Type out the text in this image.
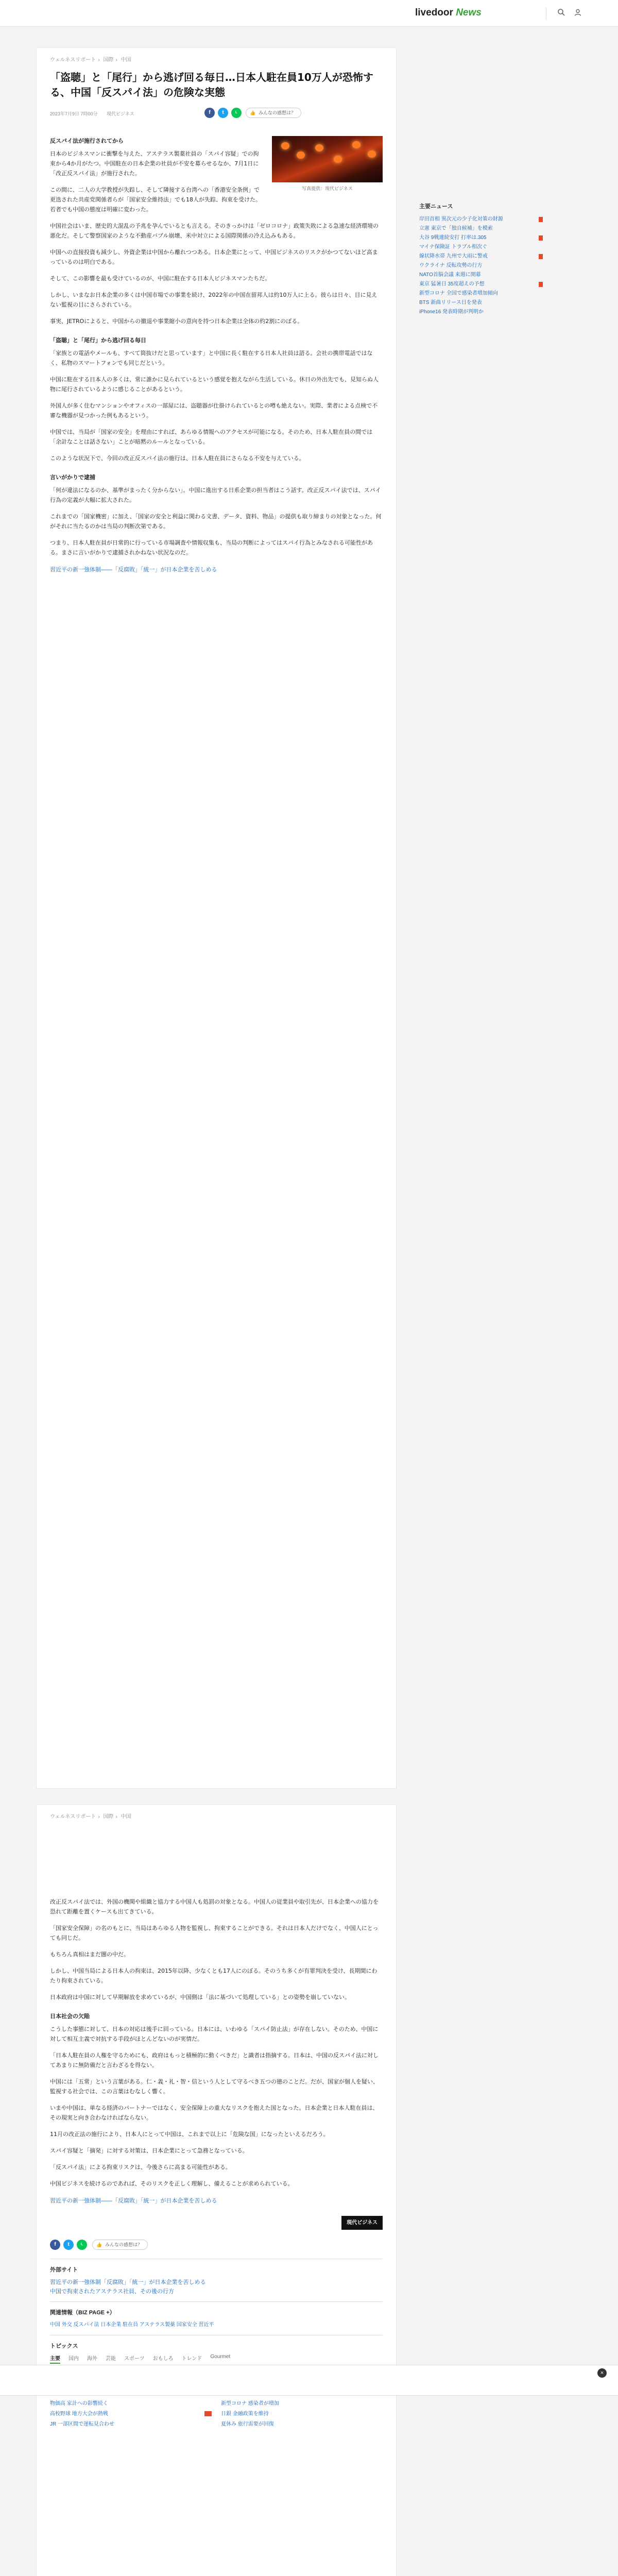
livedoor News
ウェルネスリポート › 国際 › 中国
「盗聴」と「尾行」から逃げ回る毎日…日本人駐在員10万人が恐怖する、中国「反スパイ法」の危険な実態
2023年7月9日 7時00分 現代ビジネス	f	t	L	👍 みんなの感想は？
写真提供：現代ビジネス
反スパイ法が施行されてから

日本のビジネスマンに衝撃を与えた、アステラス製薬社員の「スパイ容疑」での拘束から4か月がたつ。中国駐在の日本企業の社員が不安を募らせるなか、7月1日に「改正反スパイ法」が施行された。

この間に、二人の大学教授が失踪し、そして隣接する台湾への「香港安全条例」で更迭された共産党関係者らが「国家安全維持法」でも18人が失踪、拘束を受けた。若者でも中国の態度は明確に変わった。

中国社会はいま、歴史的大混乱の予兆を孕んでいるとも言える。そのきっかけは「ゼロコロナ」政策失敗による急速な経済環境の悪化だ。そして警察国家のような不動産バブル崩壊、米中対立による国際関係の冷え込みもある。

中国への直接投資も減少し、外資企業は中国から離れつつある。日本企業にとって、中国ビジネスのリスクがかつてないほど高まっているのは明白である。

そして、この影響を最も受けているのが、中国に駐在する日本人ビジネスマンたちだ。

しかし、いまなお日本企業の多くは中国市場での事業を続け、2022年の中国在留邦人は約10万人に上る。彼らは日々、目に見えない監視の目にさらされている。

事実、JETROによると、中国からの撤退や事業縮小の意向を持つ日本企業は全体の約2割にのぼる。

「盗聴」と「尾行」から逃げ回る毎日

「家族との電話やメールも、すべて筒抜けだと思っています」と中国に長く駐在する日本人社員は語る。会社の携帯電話ではなく、私物のスマートフォンでも同じだという。

中国に駐在する日本人の多くは、常に誰かに見られているという感覚を抱えながら生活している。休日の外出先でも、見知らぬ人物に尾行されているように感じることがあるという。

外国人が多く住むマンションやオフィスの一部屋には、盗聴器が仕掛けられているとの噂も絶えない。実際、業者による点検で不審な機器が見つかった例もあるという。

中国では、当局が「国家の安全」を理由にすれば、あらゆる情報へのアクセスが可能になる。そのため、日本人駐在員の間では「余計なことは話さない」ことが暗黙のルールとなっている。

このような状況下で、今回の改正反スパイ法の施行は、日本人駐在員にさらなる不安を与えている。

言いがかりで逮捕

「何が違法になるのか、基準がまったく分からない」。中国に進出する日系企業の担当者はこう話す。改正反スパイ法では、スパイ行為の定義が大幅に拡大された。

これまでの「国家機密」に加え、「国家の安全と利益に関わる文書、データ、資料、物品」の提供も取り締まりの対象となった。何がそれに当たるのかは当局の判断次第である。

つまり、日本人駐在員が日常的に行っている市場調査や情報収集も、当局の判断によってはスパイ行為とみなされる可能性がある。まさに言いがかりで逮捕されかねない状況なのだ。

習近平の新一強体制――「反腐敗」「統一」が日本企業を苦しめる
主要ニュース
岸田首相 異次元の少子化対策の財源
立憲 東京で「独自候補」を模索
大谷 9戦連続安打 打率は.305
マイナ保険証 トラブル相次ぐ
線状降水帯 九州で大雨に警戒
ウクライナ 反転攻勢の行方
NATO首脳会議 来週に開幕
東京 猛暑日 35度超えの予想
新型コロナ 全国で感染者増加傾向
BTS 新曲リリース日を発表
iPhone16 発表時期が判明か
ウェルネスリポート › 国際 › 中国

改正反スパイ法では、外国の機関や組織と協力する中国人も処罰の対象となる。中国人の従業員や取引先が、日本企業への協力を恐れて距離を置くケースも出てきている。

「国家安全保障」の名のもとに、当局はあらゆる人物を監視し、拘束することができる。それは日本人だけでなく、中国人にとっても同じだ。

もちろん真相はまだ闇の中だ。

しかし、中国当局による日本人の拘束は、2015年以降、少なくとも17人にのぼる。そのうち多くが有罪判決を受け、長期間にわたり拘束されている。

日本政府は中国に対して早期解放を求めているが、中国側は「法に基づいて処理している」との姿勢を崩していない。

日本社会の欠陥

こうした事態に対して、日本の対応は後手に回っている。日本には、いわゆる「スパイ防止法」が存在しない。そのため、中国に対して相互主義で対抗する手段がほとんどないのが実情だ。

「日本人駐在員の人権を守るためにも、政府はもっと積極的に動くべきだ」と識者は指摘する。日本は、中国の反スパイ法に対してあまりに無防備だと言わざるを得ない。

中国には「五常」という言葉がある。仁・義・礼・智・信という人として守るべき五つの徳のことだ。だが、国家が個人を疑い、監視する社会では、この言葉はむなしく響く。

いまや中国は、単なる経済のパートナーではなく、安全保障上の重大なリスクを抱えた国となった。日本企業と日本人駐在員は、その現実と向き合わなければならない。

11月の改正法の施行により、日本人にとって中国は、これまで以上に「危険な国」になったといえるだろう。

スパイ容疑と「摘発」に対する対策は、日本企業にとって急務となっている。

「反スパイ法」による拘束リスクは、今後さらに高まる可能性がある。

中国ビジネスを続けるのであれば、そのリスクを正しく理解し、備えることが求められている。

習近平の新一強体制――「反腐敗」「統一」が日本企業を苦しめる
現代ビジネス
f	t	L	👍 みんなの感想は？
外部サイト
習近平の新一強体制「反腐敗」「統一」が日本企業を苦しめる
中国で拘束されたアステラス社員、その後の行方
関連情報（BIZ PAGE +）
中国 外交 反スパイ法 日本企業 駐在員 アステラス製薬 国家安全 習近平
トピックス
主要 国内 海外 芸能 スポーツ おもしろ トレンド Gourmet
物価高 家計への影響続く	新型コロナ 感染者が増加
高校野球 地方大会が熱戦	日銀 金融政策を維持
JR 一部区間で運転見合わせ	夏休み 旅行需要が回復
×
